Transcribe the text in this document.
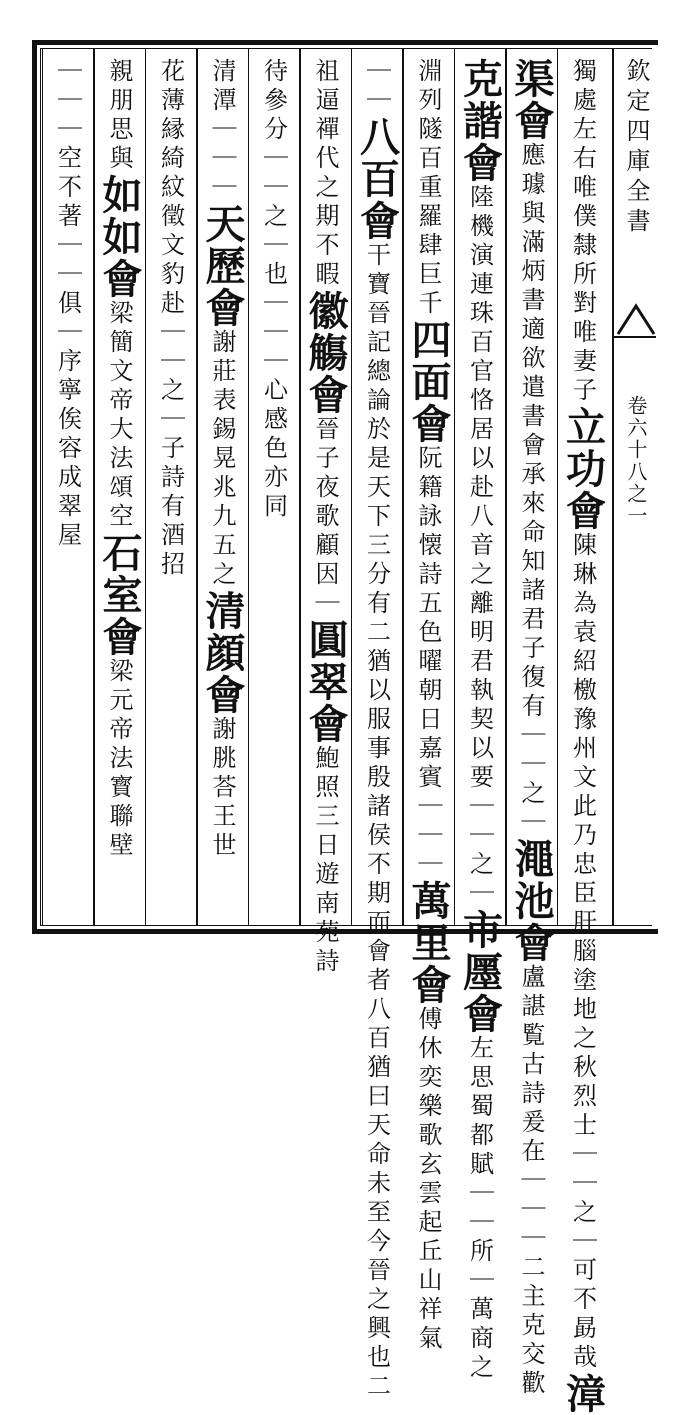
欽定四庫全書
卷六十八之一
獨處左右唯僕隸所對唯妻子立功會陳琳為袁紹檄豫州文此乃忠臣肝腦塗地之秋烈士｜｜之｜可不勗哉漳
渠會應璩與滿炳書適欲遣書會承來命知諸君子復有｜｜之｜澠池會盧諶覧古詩爰在｜｜｜二主克交歡
克諧會陸機演連珠百官恪居以赴八音之離明君執契以要｜｜之｜市㕓會左思蜀都賦｜｜所｜萬商之
淵列隧百重羅肆巨千四面會阮籍詠懐詩五色曜朝日嘉賓｜｜｜萬里會傅休奕樂歌玄雲起丘山祥氣
｜｜八百會干寶晉記總論於是天下三分有二猶以服事殷諸侯不期而會者八百猶曰天命未至今晉之興也二
祖逼禪代之期不暇徽觴會晉子夜歌顧因｜圓翠會鮑照三日遊南苑詩
待參分｜｜之｜也｜｜｜心感色亦同
清潭｜｜｜天歷會謝莊表錫晃兆九五之清顔會謝朓荅王世
花薄縁綺紋徵文豹赴｜｜之｜子詩有酒招
親朋思與如如會梁簡文帝大法頌空石室會梁元帝法寳聯壁
｜｜｜空不著｜｜俱｜序寧俟容成翠屋
